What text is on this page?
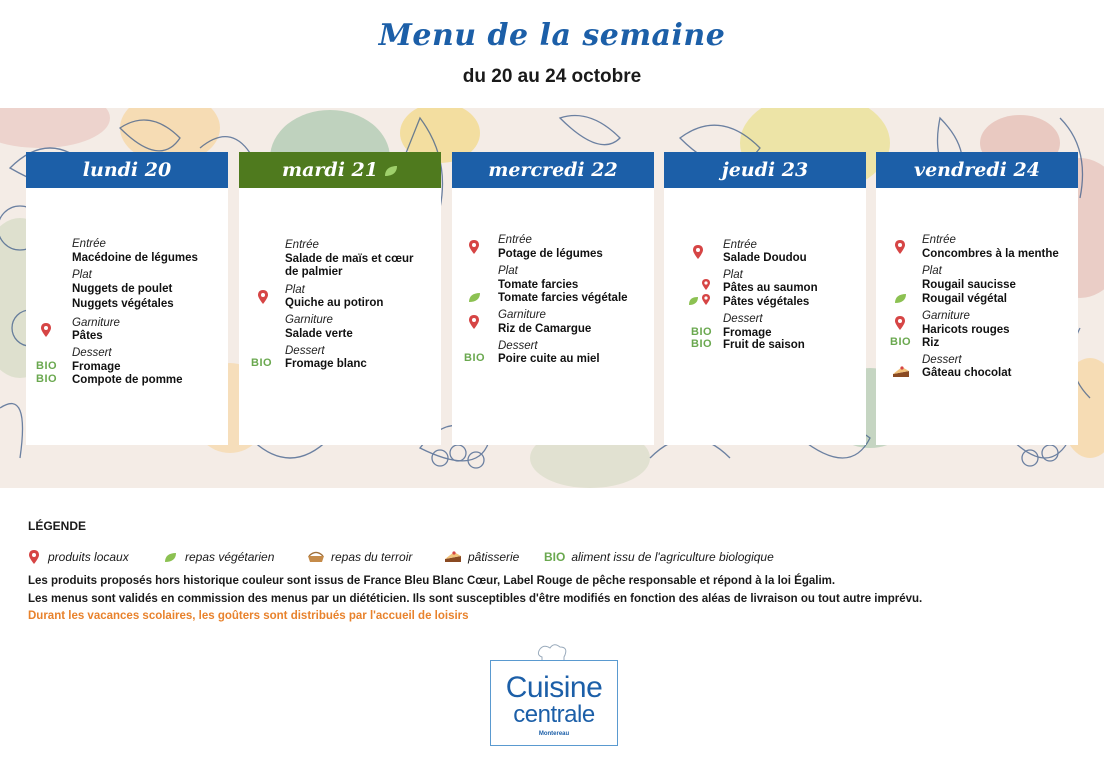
Menu de la semaine
du 20 au 24 octobre
lundi 20
Entrée
Macédoine de légumes
Plat
Nuggets de poulet
Nuggets végétales
Garniture
Pâtes
Dessert
BIO Fromage
BIO Compote de pomme
mardi 21
Entrée
Salade de maïs et cœur
de palmier
Plat
Quiche au potiron
Garniture
Salade verte
Dessert
BIO Fromage blanc
mercredi 22
Entrée
Potage de légumes
Plat
Tomate farcies
Tomate farcies végétale
Garniture
Riz de Camargue
Dessert
BIO Poire cuite au miel
jeudi 23
Entrée
Salade Doudou
Plat
Pâtes au saumon
Pâtes végétales
Dessert
BIO Fromage
BIO Fruit de saison
vendredi 24
Entrée
Concombres à la menthe
Plat
Rougail saucisse
Rougail végétal
Garniture
Haricots rouges
BIO Riz
Dessert
Gâteau chocolat
LÉGENDE
produits locaux	repas végétarien	repas du terroir	pâtisserie BIO aliment issu de l'agriculture biologique
Les produits proposés hors historique couleur sont issus de France Bleu Blanc Cœur, Label Rouge de pêche responsable et répond à la loi Égalim.
Les menus sont validés en commission des menus par un diététicien. Ils sont susceptibles d'être modifiés en fonction des aléas de livraison ou tout autre imprévu.
Durant les vacances scolaires, les goûters sont distribués par l'accueil de loisirs
Cuisine
centrale
Montereau
